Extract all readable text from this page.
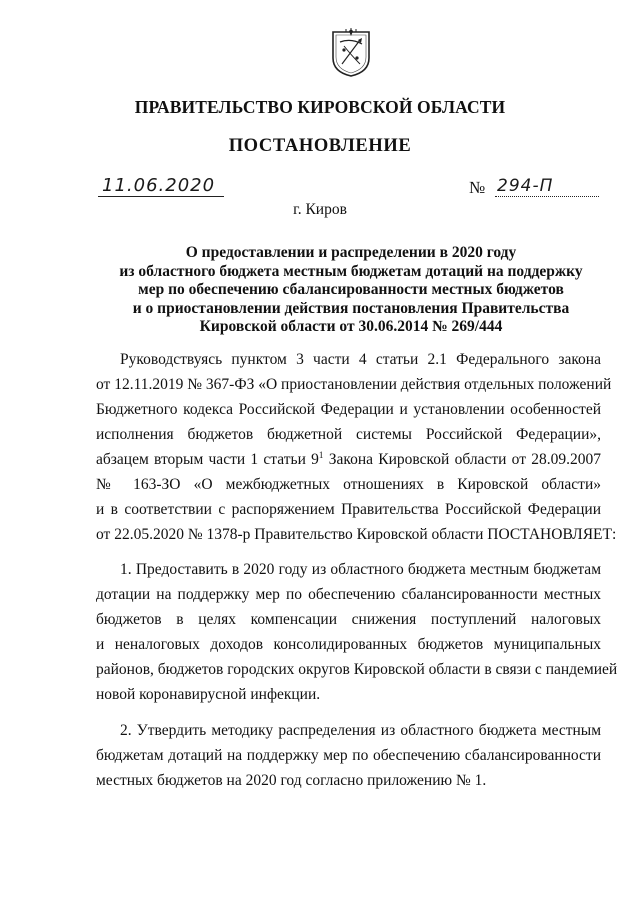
ПРАВИТЕЛЬСТВО КИРОВСКОЙ ОБЛАСТИ
ПОСТАНОВЛЕНИЕ
11.06.2020	№ 294-П
г. Киров
О предоставлении и распределении в 2020 году
из областного бюджета местным бюджетам дотаций на поддержку
мер по обеспечению сбалансированности местных бюджетов
и о приостановлении действия постановления Правительства
Кировской области от 30.06.2014 № 269/444
Руководствуясь пунктом 3 части 4 статьи 2.1 Федерального закона
от 12.11.2019 № 367-ФЗ «О приостановлении действия отдельных положений
Бюджетного кодекса Российской Федерации и установлении особенностей
исполнения бюджетов бюджетной системы Российской Федерации»,
абзацем вторым части 1 статьи $9^1$ Закона Кировской области от 28.09.2007
№ 163-ЗО «О межбюджетных отношениях в Кировской области»
и в соответствии с распоряжением Правительства Российской Федерации
от 22.05.2020 № 1378-р Правительство Кировской области ПОСТАНОВЛЯЕТ:
1. Предоставить в 2020 году из областного бюджета местным бюджетам
дотации на поддержку мер по обеспечению сбалансированности местных
бюджетов в целях компенсации снижения поступлений налоговых
и неналоговых доходов консолидированных бюджетов муниципальных
районов, бюджетов городских округов Кировской области в связи с пандемией
новой коронавирусной инфекции.
2. Утвердить методику распределения из областного бюджета местным
бюджетам дотаций на поддержку мер по обеспечению сбалансированности
местных бюджетов на 2020 год согласно приложению № 1.
